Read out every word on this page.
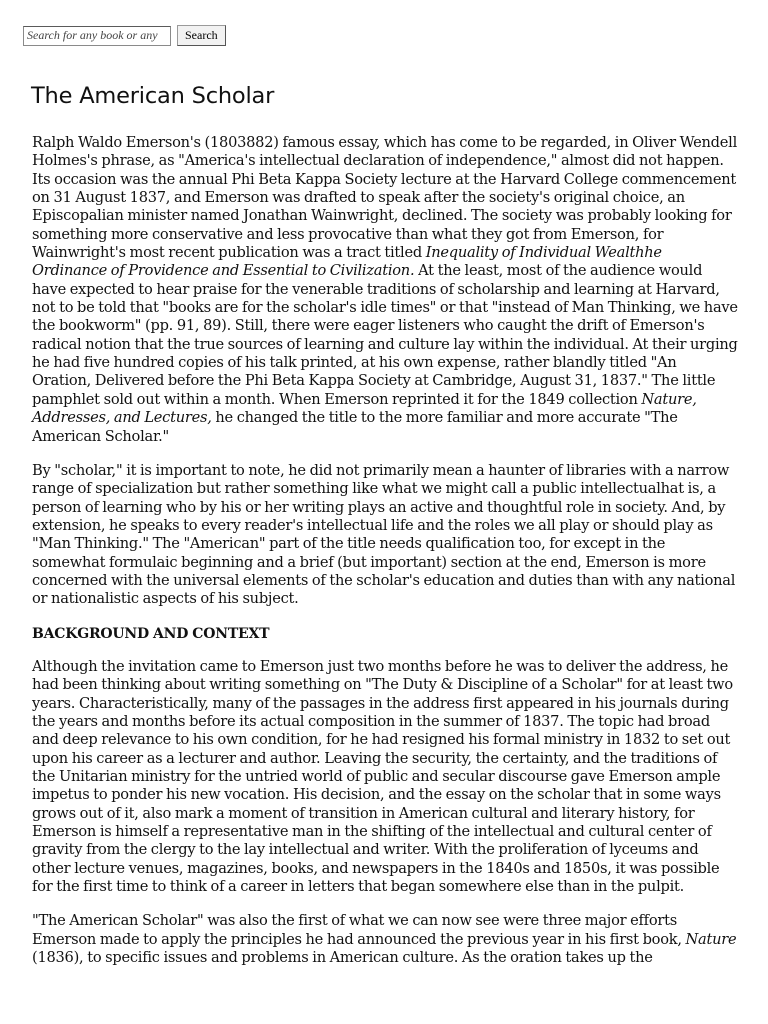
Search for any book or any
Search
The American Scholar

Ralph Waldo Emerson's (1803882) famous essay, which has come to be regarded, in Oliver Wendell Holmes's phrase, as "America's intellectual declaration of independence," almost did not happen. Its occasion was the annual Phi Beta Kappa Society lecture at the Harvard College commencement on 31 August 1837, and Emerson was drafted to speak after the society's original choice, an Episcopalian minister named Jonathan Wainwright, declined. The society was probably looking for something more conservative and less provocative than what they got from Emerson, for Wainwright's most recent publication was a tract titled Inequality of Individual Wealthhe Ordinance of Providence and Essential to Civilization. At the least, most of the audience would have expected to hear praise for the venerable traditions of scholarship and learning at Harvard, not to be told that "books are for the scholar's idle times" or that "instead of Man Thinking, we have the bookworm" (pp. 91, 89). Still, there were eager listeners who caught the drift of Emerson's radical notion that the true sources of learning and culture lay within the individual. At their urging he had five hundred copies of his talk printed, at his own expense, rather blandly titled "An Oration, Delivered before the Phi Beta Kappa Society at Cambridge, August 31, 1837." The little pamphlet sold out within a month. When Emerson reprinted it for the 1849 collection Nature, Addresses, and Lectures, he changed the title to the more familiar and more accurate "The American Scholar."

By "scholar," it is important to note, he did not primarily mean a haunter of libraries with a narrow range of specialization but rather something like what we might call a public intellectualhat is, a person of learning who by his or her writing plays an active and thoughtful role in society. And, by extension, he speaks to every reader's intellectual life and the roles we all play or should play as "Man Thinking." The "American" part of the title needs qualification too, for except in the somewhat formulaic beginning and a brief (but important) section at the end, Emerson is more concerned with the universal elements of the scholar's education and duties than with any national or nationalistic aspects of his subject.

BACKGROUND AND CONTEXT

Although the invitation came to Emerson just two months before he was to deliver the address, he had been thinking about writing something on "The Duty & Discipline of a Scholar" for at least two years. Characteristically, many of the passages in the address first appeared in his journals during the years and months before its actual composition in the summer of 1837. The topic had broad and deep relevance to his own condition, for he had resigned his formal ministry in 1832 to set out upon his career as a lecturer and author. Leaving the security, the certainty, and the traditions of the Unitarian ministry for the untried world of public and secular discourse gave Emerson ample impetus to ponder his new vocation. His decision, and the essay on the scholar that in some ways grows out of it, also mark a moment of transition in American cultural and literary history, for Emerson is himself a representative man in the shifting of the intellectual and cultural center of gravity from the clergy to the lay intellectual and writer. With the proliferation of lyceums and other lecture venues, magazines, books, and newspapers in the 1840s and 1850s, it was possible for the first time to think of a career in letters that began somewhere else than in the pulpit.

"The American Scholar" was also the first of what we can now see were three major efforts Emerson made to apply the principles he had announced the previous year in his first book, Nature (1836), to specific issues and problems in American culture. As the oration takes up the
